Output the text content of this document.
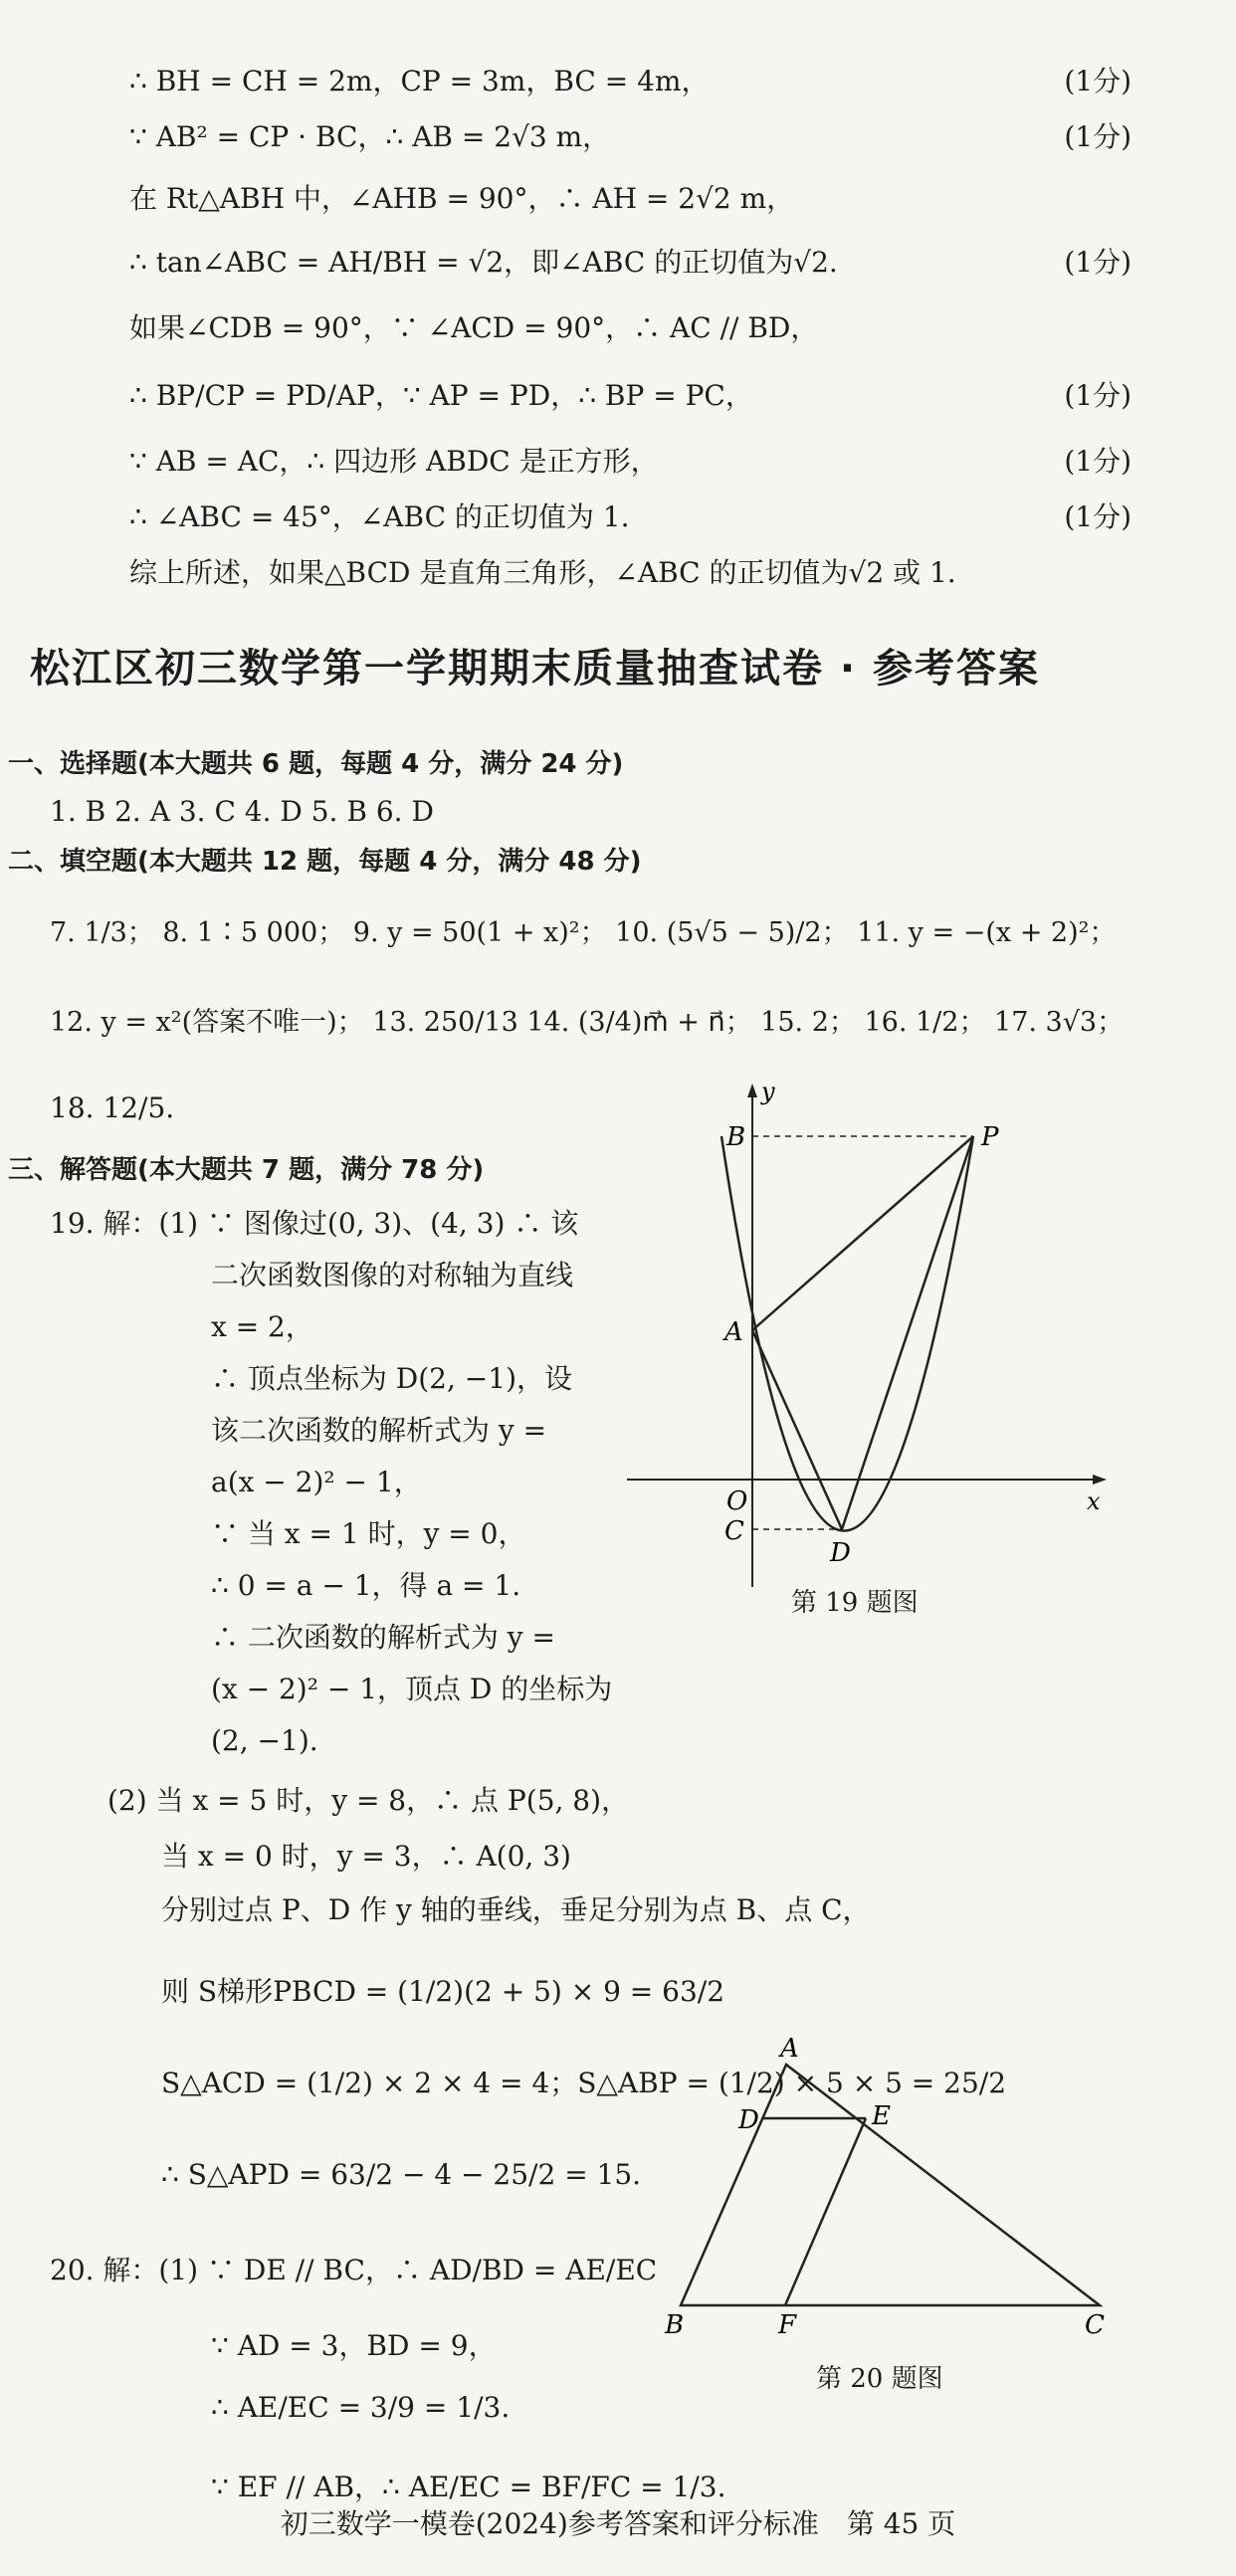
∴ BH = CH = 2m，CP = 3m，BC = 4m，	(1分)
∵ AB² = CP · BC，∴ AB = 2√3 m，	(1分)
在 Rt△ABH 中，∠AHB = 90°，∴ AH = 2√2 m，
∴ tan∠ABC = AH/BH = √2，即∠ABC 的正切值为√2.	(1分)
如果∠CDB = 90°，∵ ∠ACD = 90°，∴ AC // BD，
∴ BP/CP = PD/AP，∵ AP = PD，∴ BP = PC，	(1分)
∵ AB = AC，∴ 四边形 ABDC 是正方形，	(1分)
∴ ∠ABC = 45°，∠ABC 的正切值为 1.	(1分)
综上所述，如果△BCD 是直角三角形，∠ABC 的正切值为√2 或 1.
松江区初三数学第一学期期末质量抽查试卷 · 参考答案
一、选择题(本大题共 6 题，每题 4 分，满分 24 分)
1. B 2. A 3. C 4. D 5. B 6. D
二、填空题(本大题共 12 题，每题 4 分，满分 48 分)
7. 1/3； 8. 1∶5 000； 9. y = 50(1 + x)²； 10. (5√5 − 5)/2； 11. y = −(x + 2)²；
12. y = x²(答案不唯一)； 13. 250/13 14. (3/4)m⃗ + n⃗； 15. 2； 16. 1/2； 17. 3√3；
18. 12/5.
三、解答题(本大题共 7 题，满分 78 分)
19. 解：(1) ∵ 图像过(0, 3)、(4, 3) ∴ 该
二次函数图像的对称轴为直线
x = 2，
∴ 顶点坐标为 D(2, −1)，设
该二次函数的解析式为 y =
a(x − 2)² − 1，
∵ 当 x = 1 时，y = 0，
∴ 0 = a − 1，得 a = 1.
∴ 二次函数的解析式为 y =
(x − 2)² − 1，顶点 D 的坐标为
(2, −1).
(2) 当 x = 5 时，y = 8，∴ 点 P(5, 8)，
当 x = 0 时，y = 3，∴ A(0, 3)
分别过点 P、D 作 y 轴的垂线，垂足分别为点 B、点 C，
则 S梯形PBCD = (1/2)(2 + 5) × 9 = 63/2
S△ACD = (1/2) × 2 × 4 = 4；S△ABP = (1/2) × 5 × 5 = 25/2
∴ S△APD = 63/2 − 4 − 25/2 = 15.
20. 解：(1) ∵ DE // BC，∴ AD/BD = AE/EC
∵ AD = 3，BD = 9，
∴ AE/EC = 3/9 = 1/3.
∵ EF // AB，∴ AE/EC = BF/FC = 1/3.
y
B	P
A
O	x
C
D
第 19 题图
A
D	E
B	F	C
第 20 题图
初三数学一模卷(2024)参考答案和评分标准　第 45 页
